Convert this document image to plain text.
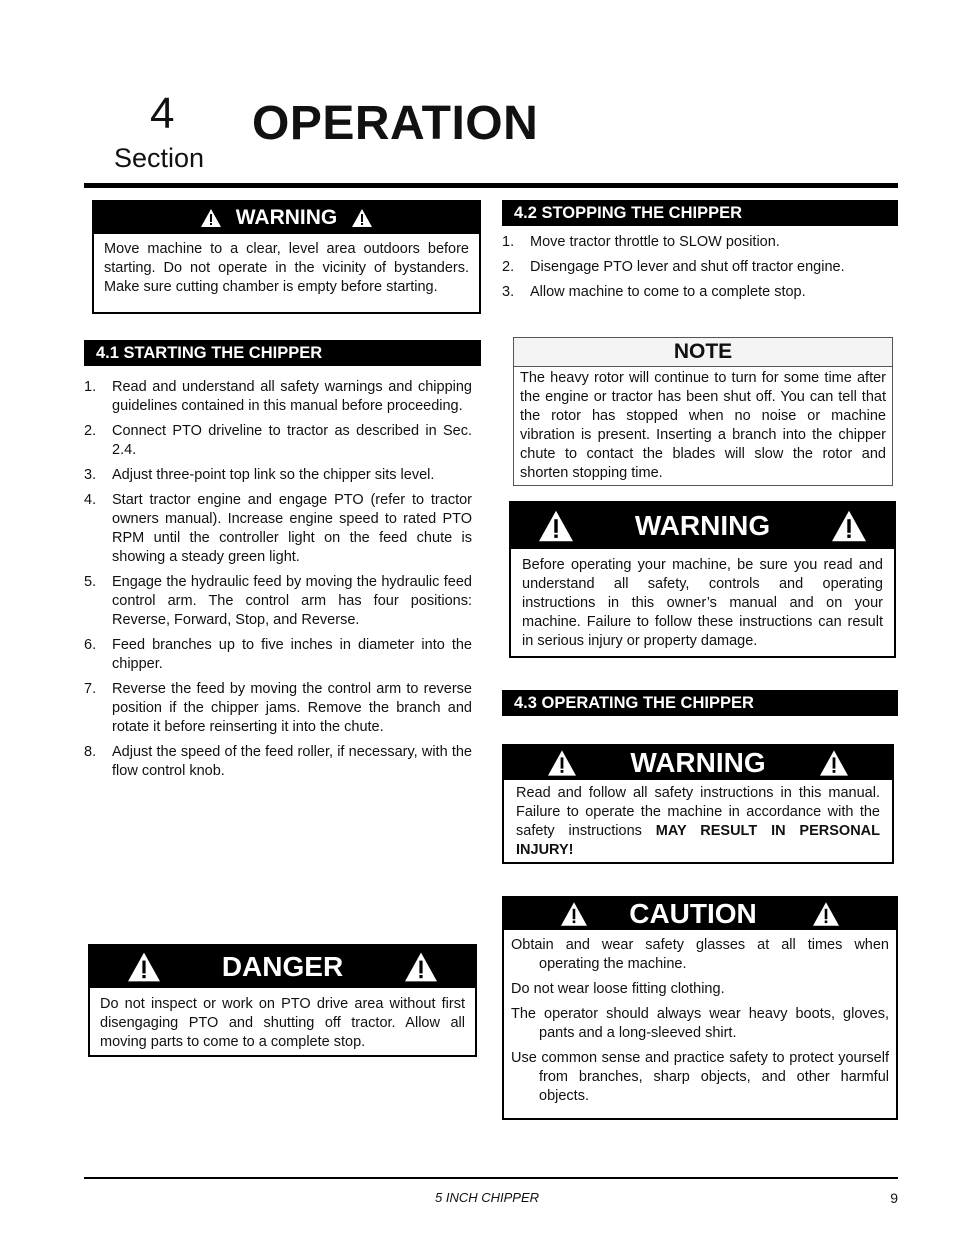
4
Section
OPERATION
WARNING
Move machine to a clear, level area outdoors before starting. Do not operate in the vicinity of bystanders. Make sure cutting chamber is empty before starting.
4.1 STARTING THE CHIPPER
1.	Read and understand all safety warnings and chipping guidelines contained in this manual before proceeding.
2.	Connect PTO driveline to tractor as described in Sec. 2.4.
3.	Adjust three-point top link so the chipper sits level.
4.	Start tractor engine and engage PTO (refer to tractor owners manual). Increase engine speed to rated PTO RPM until the controller light on the feed chute is showing a steady green light.
5.	Engage the hydraulic feed by moving the hydraulic feed control arm. The control arm has four positions: Reverse, Forward, Stop, and Reverse.
6.	Feed branches up to five inches in diameter into the chipper.
7.	Reverse the feed by moving the control arm to reverse position if the chipper jams. Remove the branch and rotate it before reinserting it into the chute.
8.	Adjust the speed of the feed roller, if necessary, with the flow control knob.
DANGER
Do not inspect or work on PTO drive area without first disengaging PTO and shutting off tractor. Allow all moving parts to come to a complete stop.
4.2 STOPPING THE CHIPPER
1.	Move tractor throttle to SLOW position.
2.	Disengage PTO lever and shut off tractor engine.
3.	Allow machine to come to a complete stop.
NOTE
The heavy rotor will continue to turn for some time after the engine or tractor has been shut off. You can tell that the rotor has stopped when no noise or machine vibration is present. Inserting a branch into the chipper chute to contact the blades will slow the rotor and shorten stopping time.
WARNING
Before operating your machine, be sure you read and understand all safety, controls and operating instructions in this owner’s manual and on your machine. Failure to follow these instructions can result in serious injury or property damage.
4.3 OPERATING THE CHIPPER
WARNING
Read and follow all safety instructions in this manual. Failure to operate the machine in accordance with the safety instructions MAY RESULT IN PERSONAL INJURY!
CAUTION

Obtain and wear safety glasses at all times when operating the machine.

Do not wear loose fitting clothing.

The operator should always wear heavy boots, gloves, pants and a long-sleeved shirt.

Use common sense and practice safety to protect yourself from branches, sharp objects, and other harmful objects.

5 INCH CHIPPER	9
